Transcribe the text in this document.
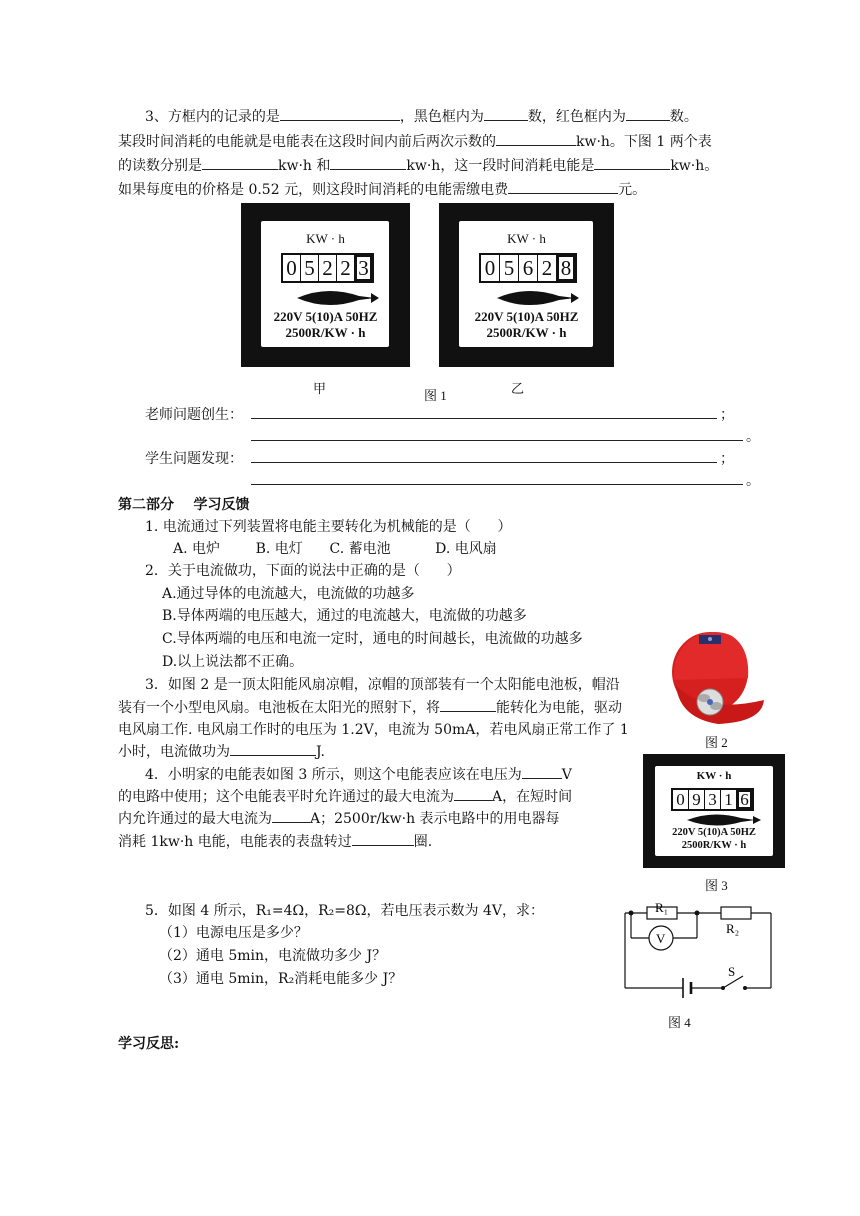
3、方框内的记录的是	，黑色框内为	数，红色框内为	数。
某段时间消耗的电能就是电能表在这段时间内前后两次示数的	kw·h。下图 1 两个表
的读数分别是	kw·h 和	kw·h，这一段时间消耗电能是	kw·h。
如果每度电的价格是 0.52 元，则这段时间消耗的电能需缴电费	元。
KW · h
0 5 2 2 3
220V 5(10)A 50HZ
2500R/KW · h
甲
KW · h
0 5 6 2 8
220V 5(10)A 50HZ
2500R/KW · h
乙
图 1
老师问题创生：	；
。
学生问题发现：	；
。
第二部分    学习反馈
1. 电流通过下列装置将电能主要转化为机械能的是（      ）
A. 电炉        B. 电灯      C. 蓄电池          D. 电风扇
2．关于电流做功，下面的说法中正确的是（      ）
A.通过导体的电流越大，电流做的功越多
B.导体两端的电压越大，通过的电流越大，电流做的功越多
C.导体两端的电压和电流一定时，通电的时间越长，电流做的功越多
D.以上说法都不正确。
图 2
3．如图 2 是一顶太阳能风扇凉帽，凉帽的顶部装有一个太阳能电池板，帽沿
装有一个小型电风扇。电池板在太阳光的照射下，将	能转化为电能，驱动
电风扇工作. 电风扇工作时的电压为 1.2V，电流为 50mA，若电风扇正常工作了 1
小时，电流做功为	J.
4．小明家的电能表如图 3 所示，则这个电能表应该在电压为	V
的电路中使用；这个电能表平时允许通过的最大电流为	A，在短时间
内允许通过的最大电流为	A；2500r/kw·h 表示电路中的用电器每
消耗 1kw·h 电能，电能表的表盘转过	圈.
KW · h
0 9 3 1 6
220V 5(10)A 50HZ
2500R/KW · h
图 3
5．如图 4 所示，R₁=4Ω，R₂=8Ω，若电压表示数为 4V，求：
（1）电源电压是多少？
（2）通电 5min，电流做功多少 J？
（3）通电 5min，R₂消耗电能多少 J？
R₁
R₂
V
S
图 4
学习反思:
